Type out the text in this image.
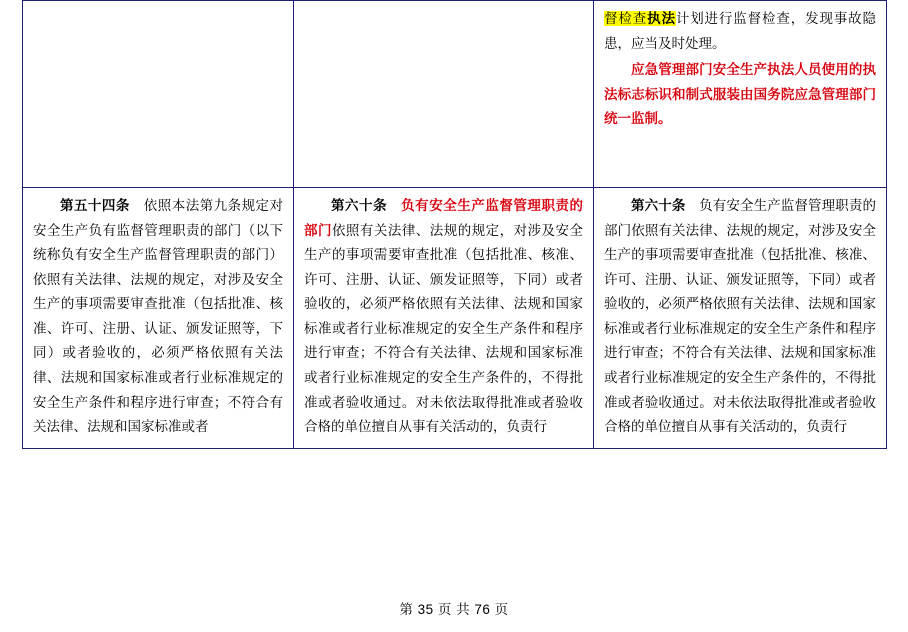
		督检查执法计划进行监督检查，发现事故隐患，应当及时处理。

应急管理部门安全生产执法人员使用的执法标志标识和制式服装由国务院应急管理部门统一监制。

第五十四条　依照本法第九条规定对安全生产负有监督管理职责的部门（以下统称负有安全生产监督管理职责的部门）依照有关法律、法规的规定，对涉及安全生产的事项需要审查批准（包括批准、核准、许可、注册、认证、颁发证照等，下同）或者验收的，必须严格依照有关法律、法规和国家标准或者行业标准规定的安全生产条件和程序进行审查；不符合有关法律、法规和国家标准或者	第六十条　负有安全生产监督管理职责的部门依照有关法律、法规的规定，对涉及安全生产的事项需要审查批准（包括批准、核准、许可、注册、认证、颁发证照等，下同）或者验收的，必须严格依照有关法律、法规和国家标准或者行业标准规定的安全生产条件和程序进行审查；不符合有关法律、法规和国家标准或者行业标准规定的安全生产条件的，不得批准或者验收通过。对未依法取得批准或者验收合格的单位擅自从事有关活动的，负责行	第六十条　负有安全生产监督管理职责的部门依照有关法律、法规的规定，对涉及安全生产的事项需要审查批准（包括批准、核准、许可、注册、认证、颁发证照等，下同）或者验收的，必须严格依照有关法律、法规和国家标准或者行业标准规定的安全生产条件和程序进行审查；不符合有关法律、法规和国家标准或者行业标准规定的安全生产条件的，不得批准或者验收通过。对未依法取得批准或者验收合格的单位擅自从事有关活动的，负责行

第 35 页 共 76 页
